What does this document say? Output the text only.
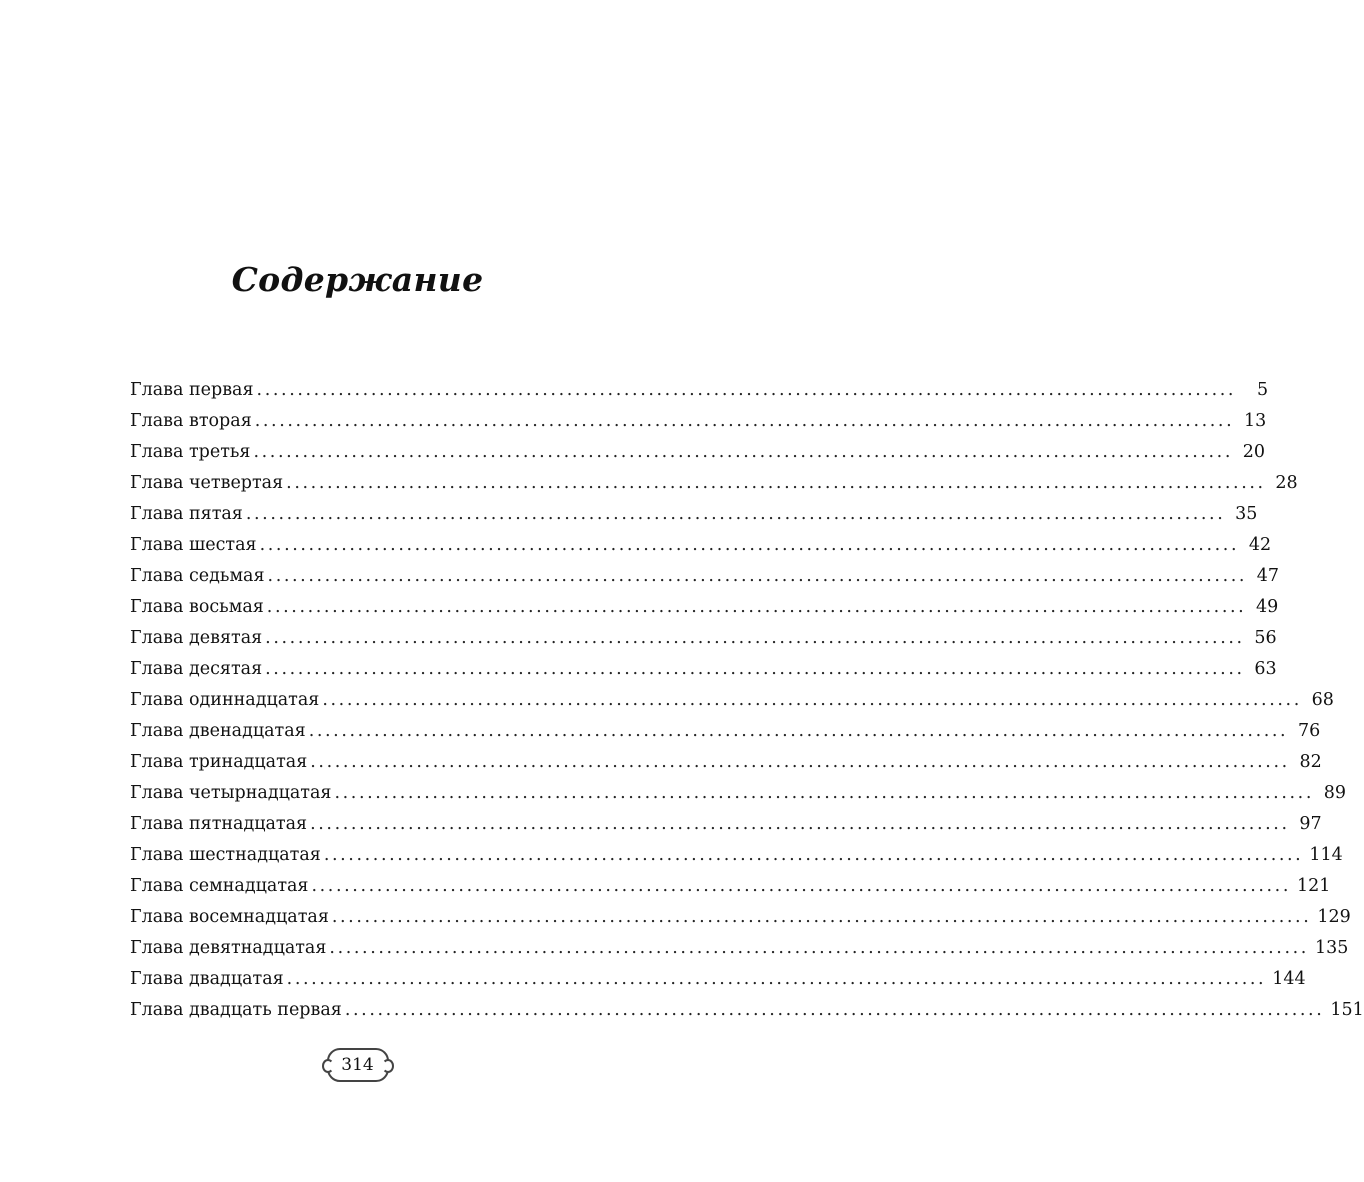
Содержание
Глава первая ........................................................................................................................	5
Глава вторая ........................................................................................................................ 13
Глава третья ........................................................................................................................ 20
Глава четвертая ........................................................................................................................ 28
Глава пятая ........................................................................................................................ 35
Глава шестая ........................................................................................................................ 42
Глава седьмая ........................................................................................................................ 47
Глава восьмая ........................................................................................................................ 49
Глава девятая ........................................................................................................................ 56
Глава десятая ........................................................................................................................ 63
Глава одиннадцатая ........................................................................................................................ 68
Глава двенадцатая ........................................................................................................................ 76
Глава тринадцатая ........................................................................................................................ 82
Глава четырнадцатая ........................................................................................................................ 89
Глава пятнадцатая ........................................................................................................................ 97
Глава шестнадцатая ........................................................................................................................ 114
Глава семнадцатая ........................................................................................................................ 121
Глава восемнадцатая ........................................................................................................................ 129
Глава девятнадцатая ........................................................................................................................ 135
Глава двадцатая ........................................................................................................................ 144
Глава двадцать первая ........................................................................................................................ 151
314
